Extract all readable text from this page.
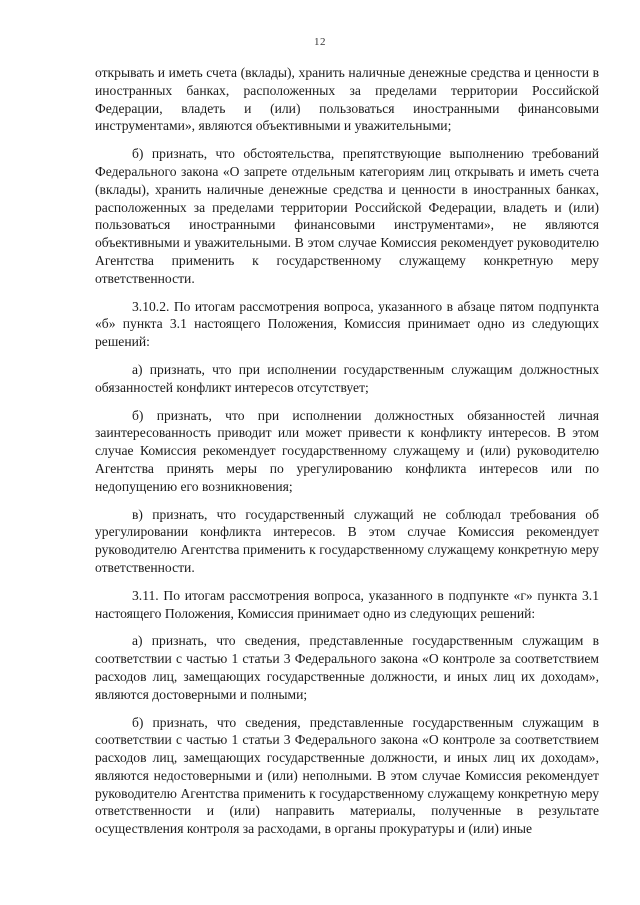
12

открывать и иметь счета (вклады), хранить наличные денежные средства и ценности в иностранных банках, расположенных за пределами территории Российской Федерации, владеть и (или) пользоваться иностранными финансовыми инструментами», являются объективными и уважительными;

б) признать, что обстоятельства, препятствующие выполнению требований Федерального закона «О запрете отдельным категориям лиц открывать и иметь счета (вклады), хранить наличные денежные средства и ценности в иностранных банках, расположенных за пределами территории Российской Федерации, владеть и (или) пользоваться иностранными финансовыми инструментами», не являются объективными и уважительными. В этом случае Комиссия рекомендует руководителю Агентства применить к государственному служащему конкретную меру ответственности.

3.10.2. По итогам рассмотрения вопроса, указанного в абзаце пятом подпункта «б» пункта 3.1 настоящего Положения, Комиссия принимает одно из следующих решений:

а) признать, что при исполнении государственным служащим должностных обязанностей конфликт интересов отсутствует;

б) признать, что при исполнении должностных обязанностей личная заинтересованность приводит или может привести к конфликту интересов. В этом случае Комиссия рекомендует государственному служащему и (или) руководителю Агентства принять меры по урегулированию конфликта интересов или по недопущению его возникновения;

в) признать, что государственный служащий не соблюдал требования об урегулировании конфликта интересов. В этом случае Комиссия рекомендует руководителю Агентства применить к государственному служащему конкретную меру ответственности.

3.11. По итогам рассмотрения вопроса, указанного в подпункте «г» пункта 3.1 настоящего Положения, Комиссия принимает одно из следующих решений:

а) признать, что сведения, представленные государственным служащим в соответствии с частью 1 статьи 3 Федерального закона «О контроле за соответствием расходов лиц, замещающих государственные должности, и иных лиц их доходам», являются достоверными и полными;

б) признать, что сведения, представленные государственным служащим в соответствии с частью 1 статьи 3 Федерального закона «О контроле за соответствием расходов лиц, замещающих государственные должности, и иных лиц их доходам», являются недостоверными и (или) неполными. В этом случае Комиссия рекомендует руководителю Агентства применить к государственному служащему конкретную меру ответственности и (или) направить материалы, полученные в результате осуществления контроля за расходами, в органы прокуратуры и (или) иные
